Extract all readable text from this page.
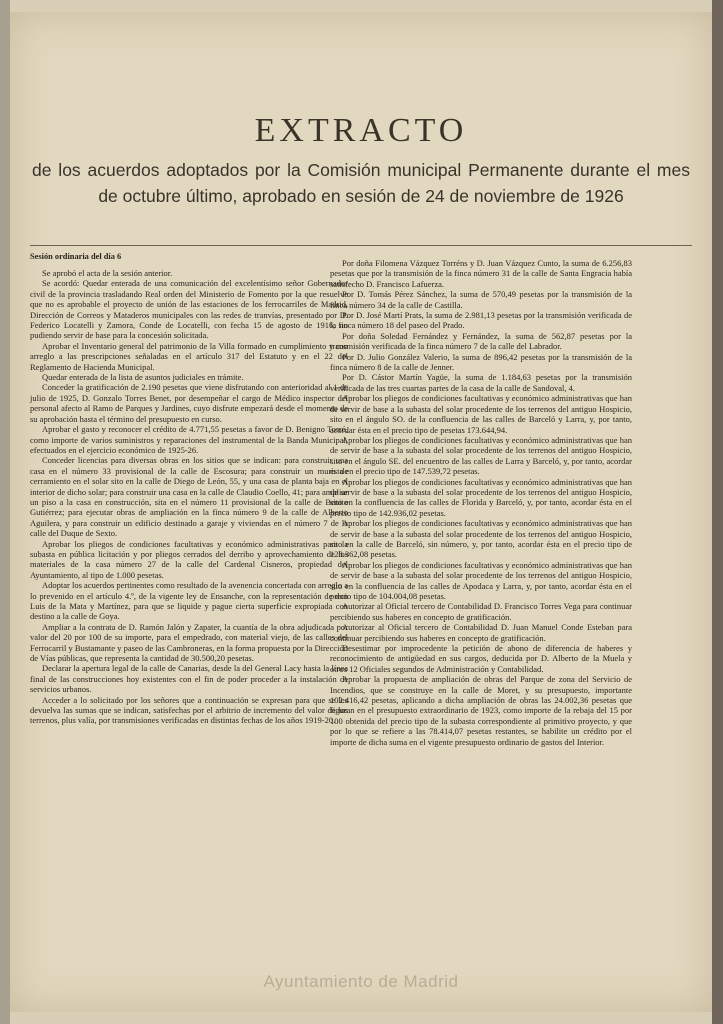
EXTRACTO
de los acuerdos adoptados por la Comisión municipal Permanente durante el mes de octubre último, aprobado en sesión de 24 de noviembre de 1926
Sesión ordinaria del día 6

Se aprobó el acta de la sesión anterior.

Se acordó: Quedar enterada de una comunicación del excelentísimo señor Gobernador civil de la provincia trasladando Real orden del Ministerio de Fomento por la que resuelve que no es aprobable el proyecto de unión de las estaciones de los ferrocarriles de Madrid, Dirección de Correos y Mataderos municipales con las redes de tranvías, presentado por D. Federico Locatelli y Zamora, Conde de Locatelli, con fecha 15 de agosto de 1916, no pudiendo servir de base para la concesión solicitada.

Aprobar el Inventario general del patrimonio de la Villa formado en cumplimiento y con arreglo a las prescripciones señaladas en el artículo 317 del Estatuto y en el 22 del Reglamento de Hacienda Municipal.

Quedar enterada de la lista de asuntos judiciales en trámite.

Conceder la gratificación de 2.190 pesetas que viene disfrutando con anterioridad al 1 de julio de 1925, D. Gonzalo Torres Benet, por desempeñar el cargo de Médico inspector del personal afecto al Ramo de Parques y Jardines, cuyo disfrute empezará desde el momento de su aprobación hasta el término del presupuesto en curso.

Aprobar el gasto y reconocer el crédito de 4.771,55 pesetas a favor de D. Benigno Torró, como importe de varios suministros y reparaciones del instrumental de la Banda Municipal, efectuados en el ejercicio económico de 1925-26.

Conceder licencias para diversas obras en los sitios que se indican: para construir una casa en el número 33 provisional de la calle de Escosura; para construir un muro de cerramiento en el solar sito en la calle de Diego de León, 55, y una casa de planta baja en el interior de dicho solar; para construir una casa en la calle de Claudio Coello, 41; para ampliar un piso a la casa en construcción, sita en el número 11 provisional de la calle de Benito Gutiérrez; para ejecutar obras de ampliación en la finca número 9 de la calle de Alberto Aguilera, y para construir un edificio destinado a garaje y viviendas en el número 7 de la calle del Duque de Sexto.

Aprobar los pliegos de condiciones facultativas y económico administrativas para la subasta en pública licitación y por pliegos cerrados del derribo y aprovechamiento de los materiales de la casa número 27 de la calle del Cardenal Cisneros, propiedad del Ayuntamiento, al tipo de 1.000 pesetas.

Adoptar los acuerdos pertinentes como resultado de la avenencia concertada con arreglo a lo prevenido en el artículo 4.º, de la vigente ley de Ensanche, con la representación de don Luis de la Mata y Martínez, para que se liquide y pague cierta superficie expropiada con destino a la calle de Goya.

Ampliar a la contrata de D. Ramón Jalón y Zapater, la cuantía de la obra adjudicada por valor del 20 por 100 de su importe, para el empedrado, con material viejo, de las calles del Ferrocarril y Bustamante y paseo de las Cambroneras, en la forma propuesta por la Dirección de Vías públicas, que representa la cantidad de 30.500,20 pesetas.

Declarar la apertura legal de la calle de Canarias, desde la del General Lacy hasta la línea final de las construcciones hoy existentes con el fin de poder proceder a la instalación de servicios urbanos.

Acceder a lo solicitado por los señores que a continuación se expresan para que se les devuelva las sumas que se indican, satisfechas por el arbitrio de incremento del valor de los terrenos, plus valía, por transmisiones verificadas en distintas fechas de los años 1919-20.

Por doña Filomena Vázquez Torréns y D. Juan Vázquez Cunto, la suma de 6.256,83 pesetas que por la transmisión de la finca número 31 de la calle de Santa Engracia había satisfecho D. Francisco Lafuerza.

Por D. Tomás Pérez Sánchez, la suma de 570,49 pesetas por la transmisión de la finca número 34 de la calle de Castilla.

Por D. José Martí Prats, la suma de 2.981,13 pesetas por la transmisión verificada de la finca número 18 del paseo del Prado.

Por doña Soledad Fernández y Fernández, la suma de 562,87 pesetas por la transmisión verificada de la finca número 7 de la calle del Labrador.

Por D. Julio González Valerio, la suma de 896,42 pesetas por la transmisión de la finca número 8 de la calle de Jenner.

Por D. Cástor Martín Yagüe, la suma de 1.184,63 pesetas por la transmisión verificada de las tres cuartas partes de la casa de la calle de Sandoval, 4.

Aprobar los pliegos de condiciones facultativas y económico administrativas que han de servir de base a la subasta del solar procedente de los terrenos del antiguo Hospicio, sito en el ángulo SO. de la confluencia de las calles de Barceló y Larra, y, por tanto, acordar ésta en el precio tipo de pesetas 173.644,94.

Aprobar los pliegos de condiciones facultativas y económico administrativas que han de servir de base a la subasta del solar procedente de los terrenos del antiguo Hospicio, sito en el ángulo SE. del encuentro de las calles de Larra y Barceló, y, por tanto, acordar ésta en el precio tipo de 147.539,72 pesetas.

Aprobar los pliegos de condiciones facultativas y económico administrativas que han de servir de base a la subasta del solar procedente de los terrenos del antiguo Hospicio, sito en la confluencia de las calles de Florida y Barceló, y, por tanto, acordar ésta en el precio tipo de 142.936,02 pesetas.

Aprobar los pliegos de condiciones facultativas y económico administrativas que han de servir de base a la subasta del solar procedente de los terrenos del antiguo Hospicio, sito en la calle de Barceló, sin número, y, por tanto, acordar ésta en el precio tipo de 128.362,08 pesetas.

Aprobar los pliegos de condiciones facultativas y económico administrativas que han de servir de base a la subasta del solar procedente de los terrenos del antiguo Hospicio, sito en la confluencia de las calles de Apodaca y Larra, y, por tanto, acordar ésta en el precio tipo de 104.004,08 pesetas.

Autorizar al Oficial tercero de Contabilidad D. Francisco Torres Vega para continuar percibiendo sus haberes en concepto de gratificación.

Autorizar al Oficial tercero de Contabilidad D. Juan Manuel Conde Esteban para continuar percibiendo sus haberes en concepto de gratificación.

Desestimar por improcedente la petición de abono de diferencia de haberes y reconocimiento de antigüedad en sus cargos, deducida por D. Alberto de la Muela y otros 12 Oficiales segundos de Administración y Contabilidad.

Aprobar la propuesta de ampliación de obras del Parque de zona del Servicio de Incendios, que se construye en la calle de Moret, y su presupuesto, importante 102.416,42 pesetas, aplicando a dicha ampliación de obras las 24.002,36 pesetas que figuran en el presupuesto extraordinario de 1923, como importe de la rebaja del 15 por 100 obtenida del precio tipo de la subasta correspondiente al primitivo proyecto, y que por lo que se refiere a las 78.414,07 pesetas restantes, se habilite un crédito por el importe de dicha suma en el vigente presupuesto ordinario de gastos del Interior.

Ayuntamiento de Madrid
